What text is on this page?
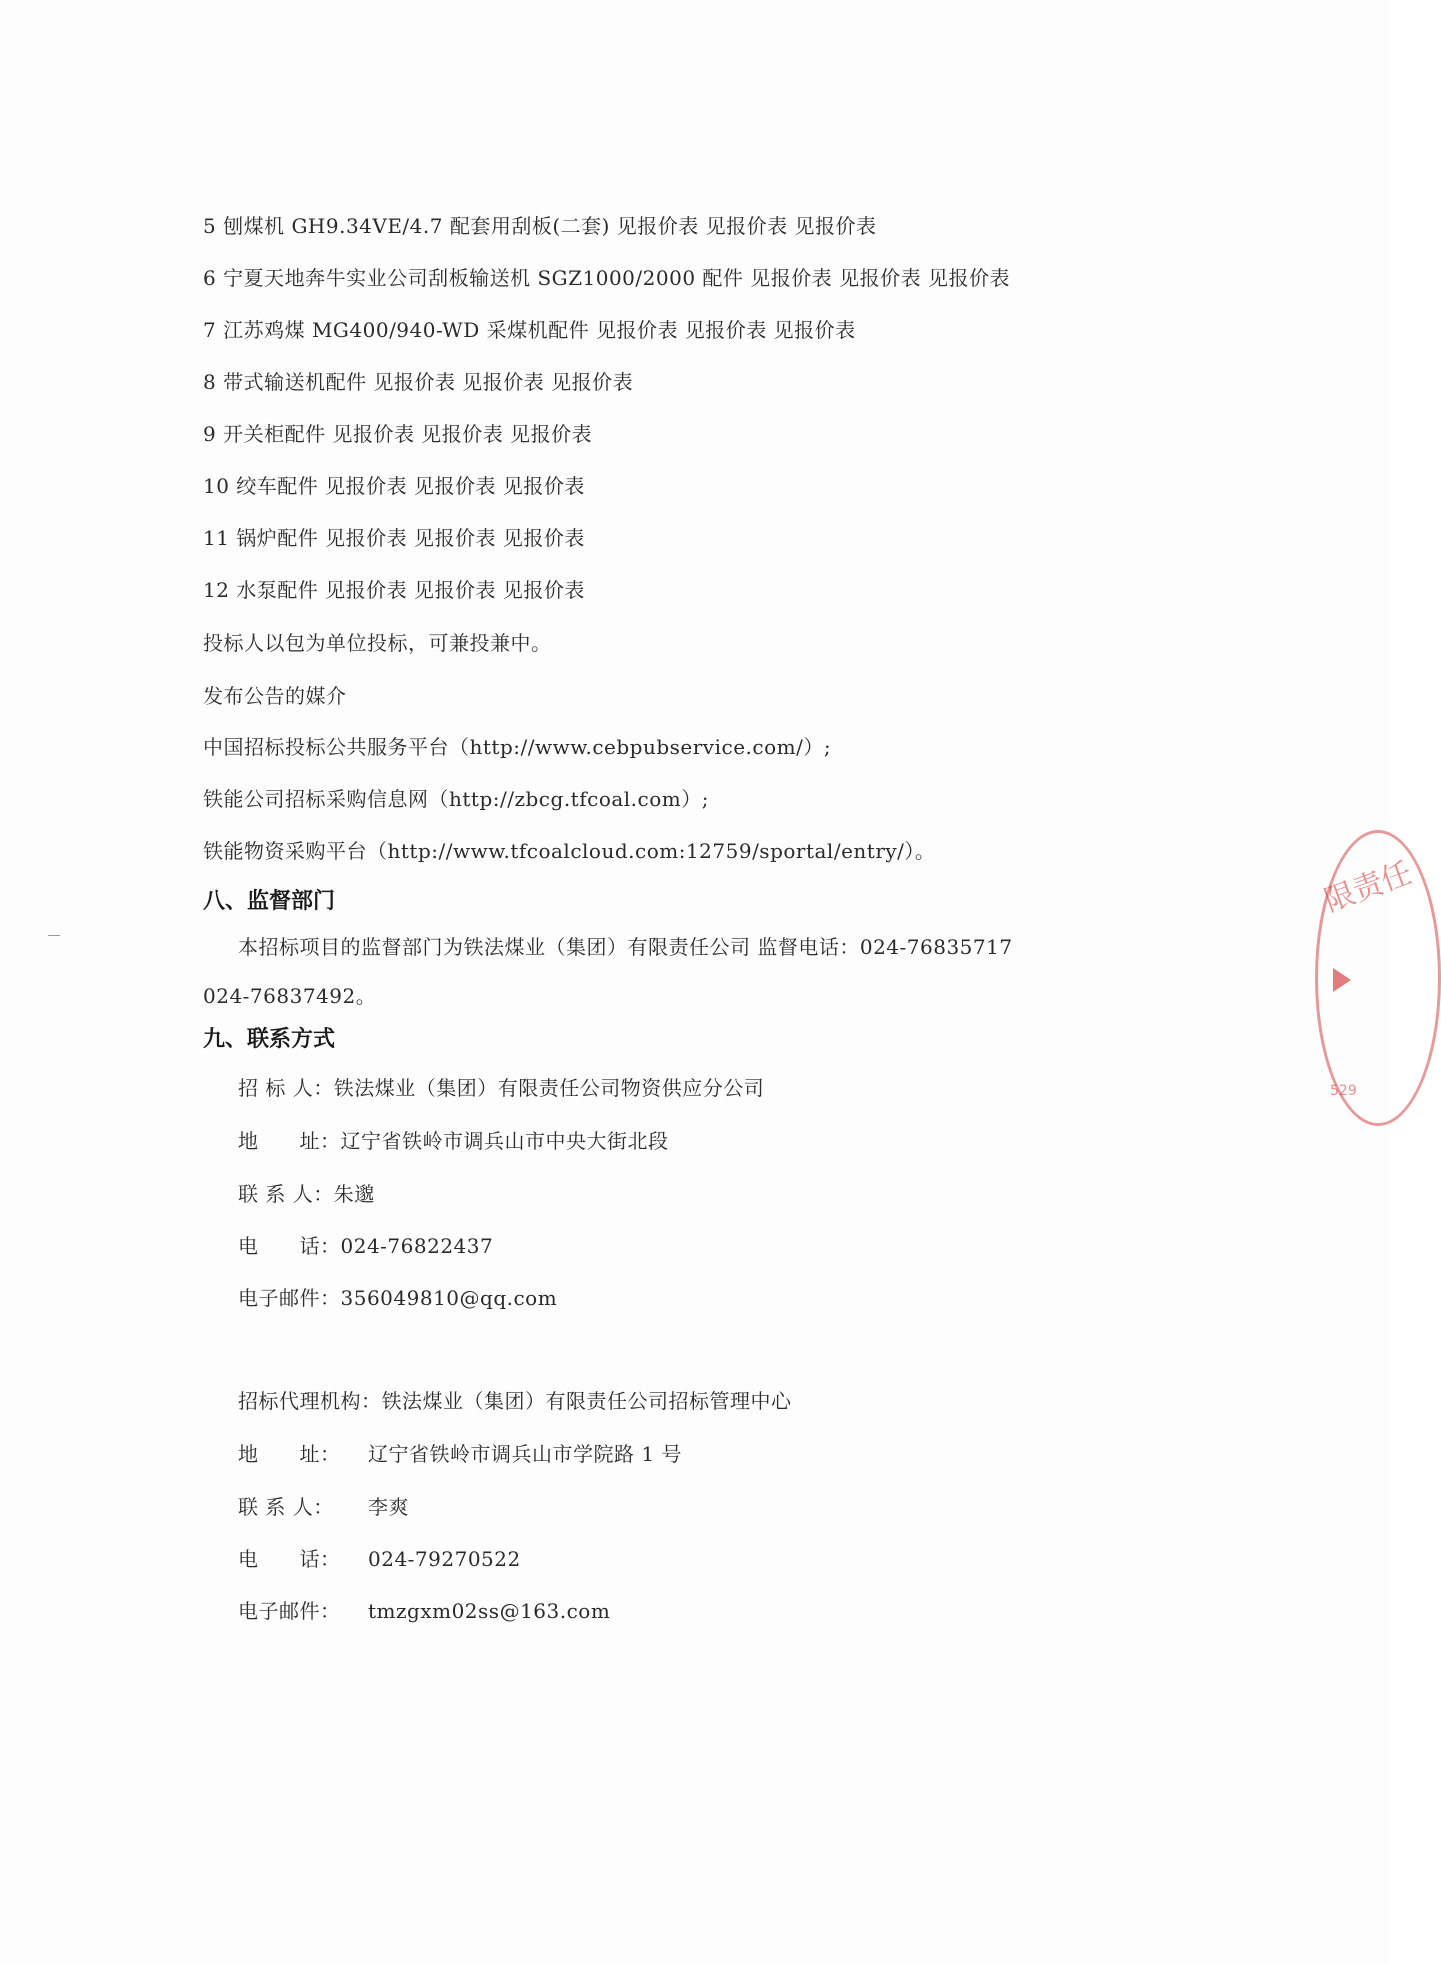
5 刨煤机 GH9.34VE/4.7 配套用刮板(二套) 见报价表 见报价表 见报价表
6 宁夏天地奔牛实业公司刮板输送机 SGZ1000/2000 配件 见报价表 见报价表 见报价表
7 江苏鸡煤 MG400/940-WD 采煤机配件 见报价表 见报价表 见报价表
8 带式输送机配件 见报价表 见报价表 见报价表
9 开关柜配件 见报价表 见报价表 见报价表
10 绞车配件 见报价表 见报价表 见报价表
11 锅炉配件 见报价表 见报价表 见报价表
12 水泵配件 见报价表 见报价表 见报价表
投标人以包为单位投标，可兼投兼中。
发布公告的媒介
中国招标投标公共服务平台（http://www.cebpubservice.com/）;
铁能公司招标采购信息网（http://zbcg.tfcoal.com）;
铁能物资采购平台（http://www.tfcoalcloud.com:12759/sportal/entry/）。
八、监督部门
本招标项目的监督部门为铁法煤业（集团）有限责任公司 监督电话：024-76835717
024-76837492。
九、联系方式
招 标 人：铁法煤业（集团）有限责任公司物资供应分公司
地　　址：辽宁省铁岭市调兵山市中央大街北段
联 系 人：朱邈
电　　话：024-76822437
电子邮件：356049810@qq.com
招标代理机构：铁法煤业（集团）有限责任公司招标管理中心
地　　址： 辽宁省铁岭市调兵山市学院路 1 号
联 系 人： 李爽
电　　话： 024-79270522
电子邮件： tmzgxm02ss@163.com
限责任
529
